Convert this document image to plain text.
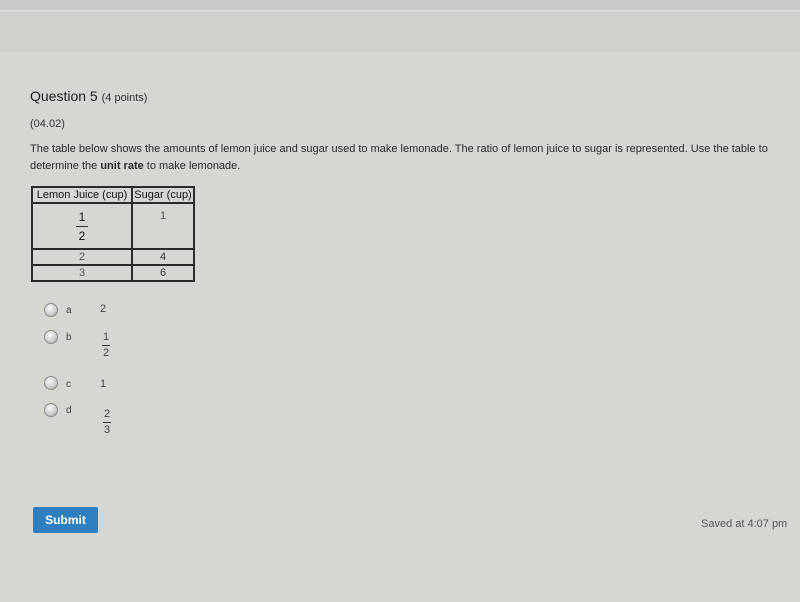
Question 5 (4 points)
(04.02)
The table below shows the amounts of lemon juice and sugar used to make lemonade. The ratio of lemon juice to sugar is represented. Use the table to determine the unit rate to make lemonade.
Lemon Juice (cup)	Sugar (cup)

$\frac{1}{2}$	1
2	4
3	6
a	2
b	$\frac{1}{2}$
c	1
d	$\frac{2}{3}$
Submit	Saved at 4:07 pm
